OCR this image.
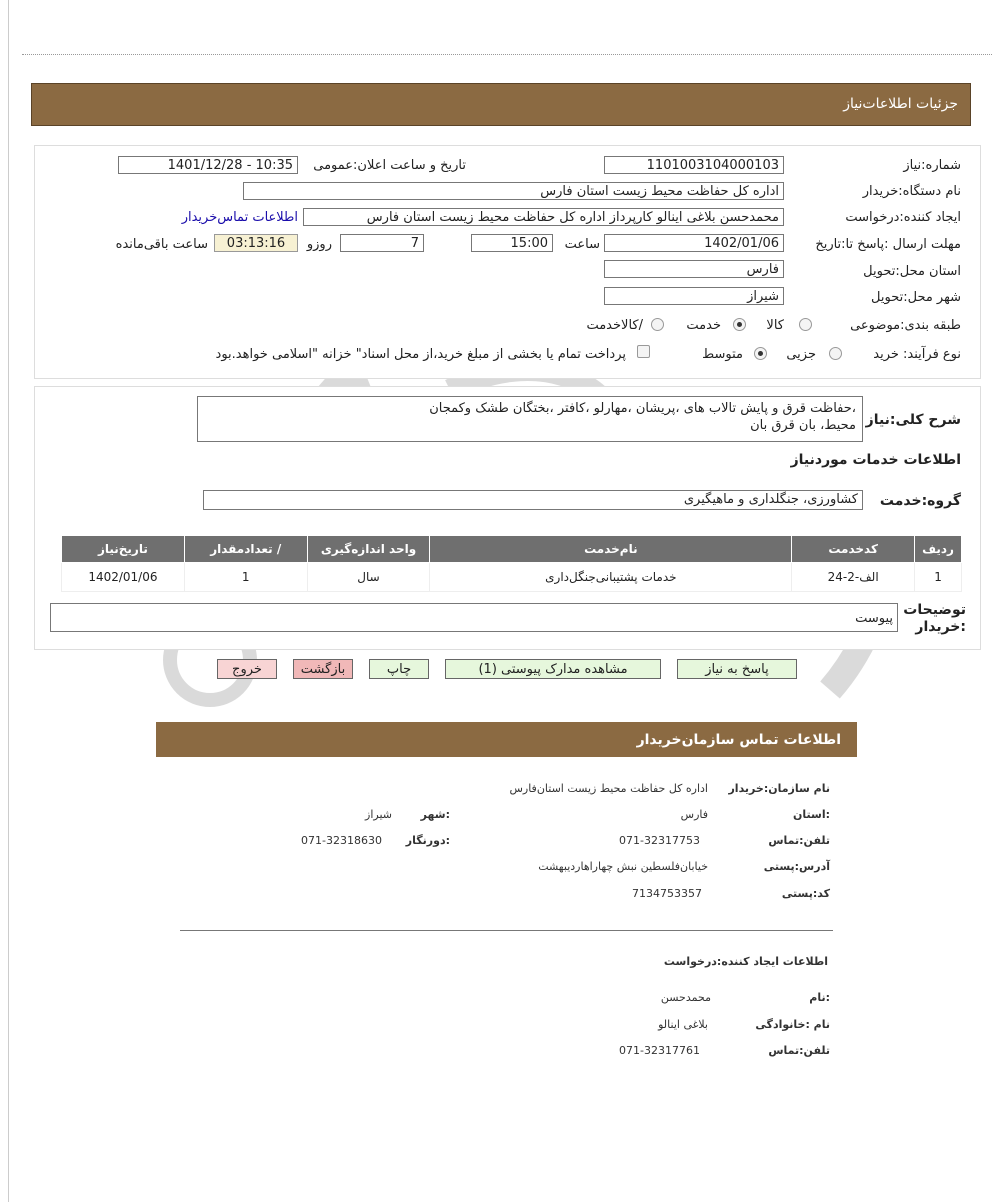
جزئیات اطلاعات‌نیاز
شماره:نیاز
1101003104000103
تاریخ و ساعت اعلان:عمومی
1401/12/28 - 10:35
نام دستگاه:خریدار
اداره کل حفاظت محیط زیست استان فارس
ایجاد کننده:درخواست
محمدحسن بلاغی اینالو کارپرداز اداره کل حفاظت محیط زیست استان فارس
اطلاعات تماس‌خریدار
مهلت ارسال :پاسخ تا:تاریخ
1402/01/06
ساعت
15:00
7
روزو
03:13:16
ساعت باقی‌مانده
استان محل:تحویل
فارس
شهر محل:تحویل
شیراز
طبقه بندی:موضوعی
کالا
خدمت
/کالاخدمت
نوع فرآیند: خرید
جزیی
متوسط
پرداخت تمام یا بخشی از مبلغ خرید،از محل اسناد" خزانه "اسلامی خواهد.بود
شرح کلی:نیاز
،حفاظت قرق و پایش تالاب های ،پریشان ،مهارلو ،کافتر ،بختگان طشک وکمجان
محیط، بان قرق بان
اطلاعات خدمات موردنیاز
گروه:خدمت
کشاورزی، جنگلداری و ماهیگیری
ردیف	کدخدمت	نام‌خدمت	واحد اندازه‌گیری	/ تعدادمقدار	تاریخ‌نیاز
1	الف-2-24	خدمات پشتیبانی‌جنگل‌داری	سال	1	1402/01/06
توضیحات
:خریدار
پیوست
پاسخ به نیاز
مشاهده مدارک پیوستی (1)
چاپ
بازگشت
خروج
اطلاعات تماس سازمان‌خریدار
نام سازمان:خریدار
اداره کل حفاظت محیط زیست استان‌فارس
:استان
فارس
:شهر
شیراز
تلفن:تماس
071-32317753
:دورنگار
071-32318630
آدرس:پستی
خیابان‌فلسطین نبش چهاراهاردیبهشت
کد:پستی
7134753357
اطلاعات ایجاد کننده:درخواست
:نام
محمدحسن
نام :خانوادگی
بلاغی اینالو
تلفن:تماس
071-32317761
